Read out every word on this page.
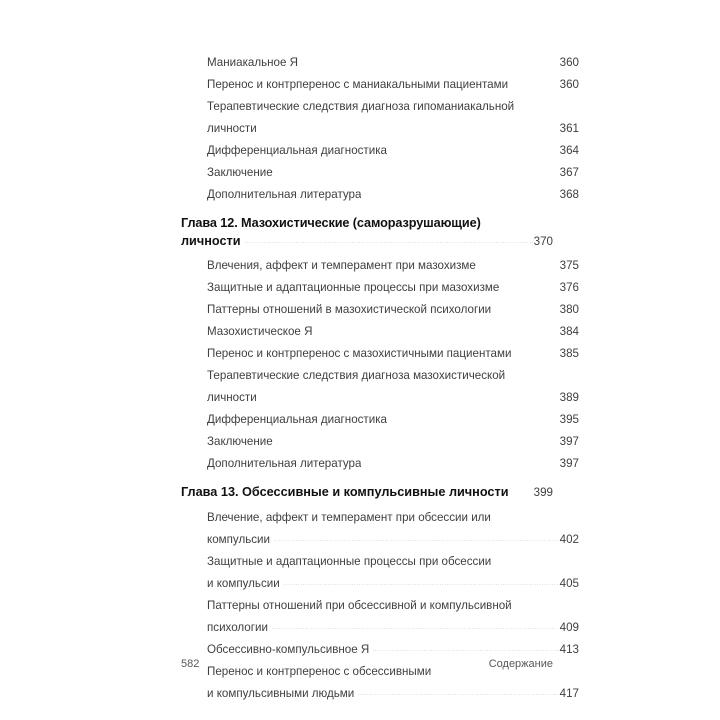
Маниакальное Я	360
Перенос и контрперенос с маниакальными пациентами	360
Терапевтические следствия диагноза гипоманиакальной
личности	361
Дифференциальная диагностика	364
Заключение	367
Дополнительная литература	368
Глава 12. Мазохистические (саморазрушающие)
личности	370
Влечения, аффект и темперамент при мазохизме	375
Защитные и адаптационные процессы при мазохизме	376
Паттерны отношений в мазохистической психологии	380
Мазохистическое Я	384
Перенос и контрперенос с мазохистичными пациентами	385
Терапевтические следствия диагноза мазохистической
личности	389
Дифференциальная диагностика	395
Заключение	397
Дополнительная литература	397
Глава 13. Обсессивные и компульсивные личности 399
Влечение, аффект и темперамент при обсессии или
компульсии	402
Защитные и адаптационные процессы при обсессии
и компульсии	405
Паттерны отношений при обсессивной и компульсивной
психологии	409
Обсессивно-компульсивное Я	413
Перенос и контрперенос с обсессивными
и компульсивными людьми	417
582	Содержание
